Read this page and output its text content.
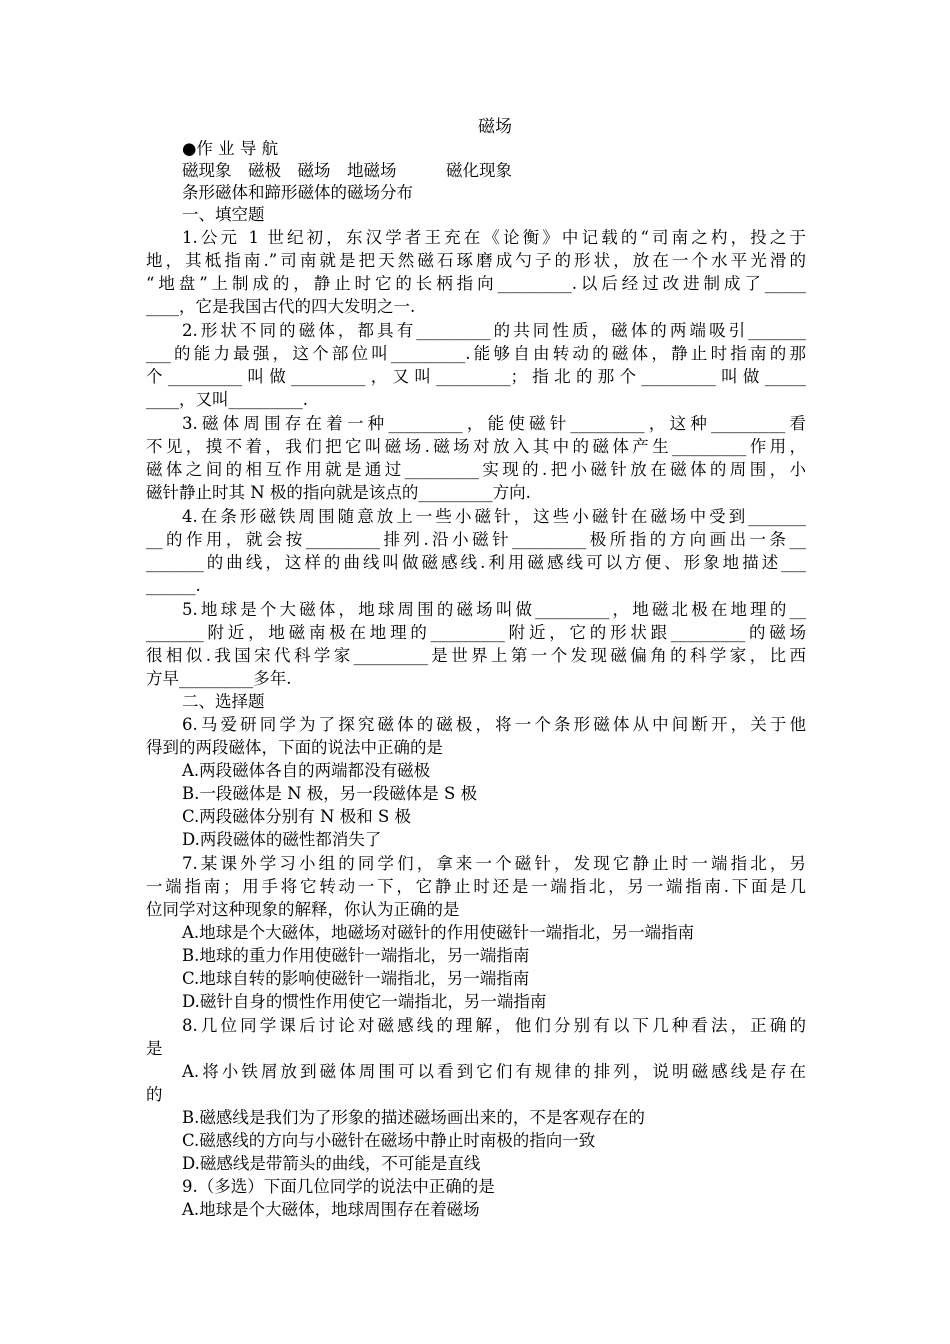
磁场
●作 业 导 航
磁现象　磁极　磁场　地磁场　　　磁化现象
条形磁体和蹄形磁体的磁场分布
一、填空题
1.公元 1 世纪初，东汉学者王充在《论衡》中记载的“司南之杓，投之于
地，其柢指南.”司南就是把天然磁石琢磨成勺子的形状，放在一个水平光滑的
“地盘”上制成的，静止时它的长柄指向_________.以后经过改进制成了_____
____，它是我国古代的四大发明之一.
2.形状不同的磁体，都具有_________的共同性质，磁体的两端吸引_______
___的能力最强，这个部位叫_________.能够自由转动的磁体，静止时指南的那
个_________叫做_________，又叫_________；指北的那个_________叫做_____
____，又叫_________.
3.磁体周围存在着一种_________，能使磁针_________，这种_________看
不见，摸不着，我们把它叫磁场.磁场对放入其中的磁体产生_________作用，
磁体之间的相互作用就是通过_________实现的.把小磁针放在磁体的周围，小
磁针静止时其 N 极的指向就是该点的_________方向.
4.在条形磁铁周围随意放上一些小磁针，这些小磁针在磁场中受到_______
__的作用，就会按_________排列.沿小磁针_________极所指的方向画出一条__
_______的曲线，这样的曲线叫做磁感线.利用磁感线可以方便、形象地描述___
______.
5.地球是个大磁体，地球周围的磁场叫做_________，地磁北极在地理的__
_______附近，地磁南极在地理的_________附近，它的形状跟_________的磁场
很相似.我国宋代科学家_________是世界上第一个发现磁偏角的科学家，比西
方早_________多年.
二、选择题
6.马爱研同学为了探究磁体的磁极，将一个条形磁体从中间断开，关于他
得到的两段磁体，下面的说法中正确的是
A.两段磁体各自的两端都没有磁极
B.一段磁体是 N 极，另一段磁体是 S 极
C.两段磁体分别有 N 极和 S 极
D.两段磁体的磁性都消失了
7.某课外学习小组的同学们，拿来一个磁针，发现它静止时一端指北，另
一端指南；用手将它转动一下，它静止时还是一端指北，另一端指南.下面是几
位同学对这种现象的解释，你认为正确的是
A.地球是个大磁体，地磁场对磁针的作用使磁针一端指北，另一端指南
B.地球的重力作用使磁针一端指北，另一端指南
C.地球自转的影响使磁针一端指北，另一端指南
D.磁针自身的惯性作用使它一端指北，另一端指南
8.几位同学课后讨论对磁感线的理解，他们分别有以下几种看法，正确的
是
A.将小铁屑放到磁体周围可以看到它们有规律的排列，说明磁感线是存在
的
B.磁感线是我们为了形象的描述磁场画出来的，不是客观存在的
C.磁感线的方向与小磁针在磁场中静止时南极的指向一致
D.磁感线是带箭头的曲线，不可能是直线
9.（多选）下面几位同学的说法中正确的是
A.地球是个大磁体，地球周围存在着磁场
